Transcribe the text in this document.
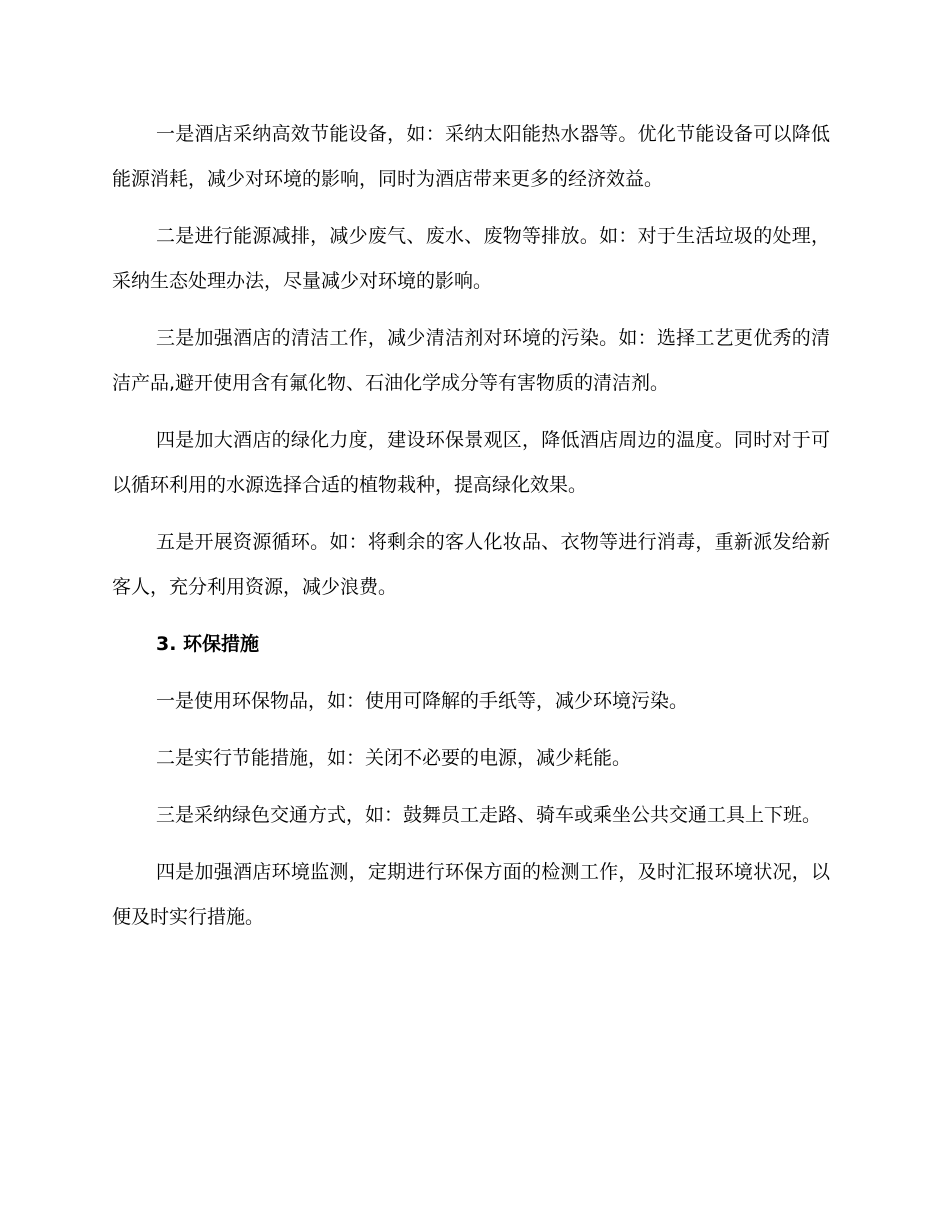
一是酒店采纳高效节能设备，如：采纳太阳能热水器等。优化节能设备可以降低能源消耗，减少对环境的影响，同时为酒店带来更多的经济效益。

二是进行能源减排，减少废气、废水、废物等排放。如：对于生活垃圾的处理，采纳生态处理办法，尽量减少对环境的影响。

三是加强酒店的清洁工作，减少清洁剂对环境的污染。如：选择工艺更优秀的清洁产品,避开使用含有氟化物、石油化学成分等有害物质的清洁剂。

四是加大酒店的绿化力度，建设环保景观区，降低酒店周边的温度。同时对于可以循环利用的水源选择合适的植物栽种，提高绿化效果。

五是开展资源循环。如：将剩余的客人化妆品、衣物等进行消毒，重新派发给新客人，充分利用资源，减少浪费。

3. 环保措施

一是使用环保物品，如：使用可降解的手纸等，减少环境污染。

二是实行节能措施，如：关闭不必要的电源，减少耗能。

三是采纳绿色交通方式，如：鼓舞员工走路、骑车或乘坐公共交通工具上下班。

四是加强酒店环境监测，定期进行环保方面的检测工作，及时汇报环境状况，以便及时实行措施。
